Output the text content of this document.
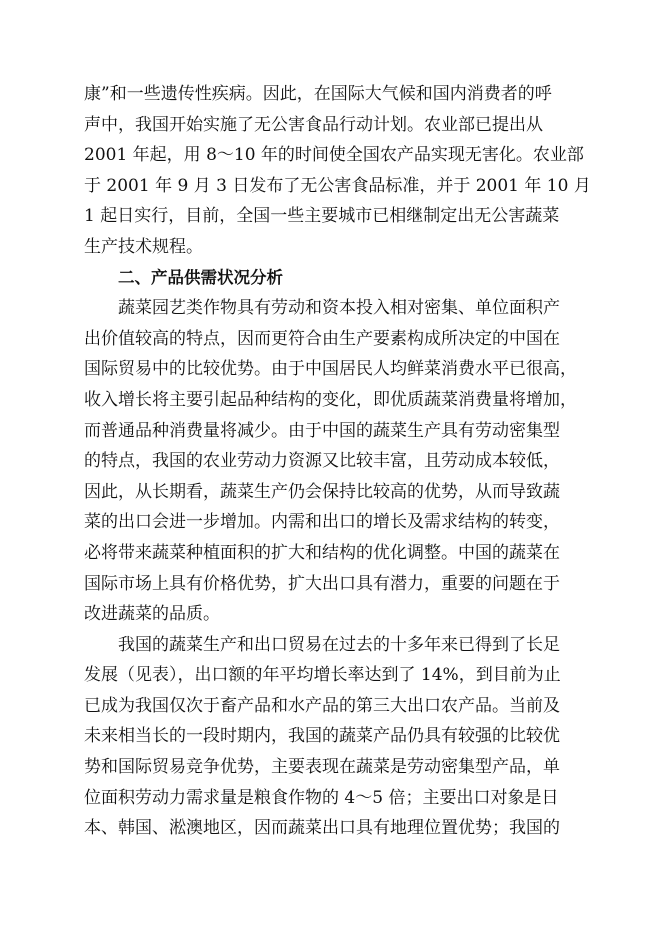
康”和一些遗传性疾病。因此，在国际大气候和国内消费者的呼
声中，我国开始实施了无公害食品行动计划。农业部已提出从
2001 年起，用 8～10 年的时间使全国农产品实现无害化。农业部
于 2001 年 9 月 3 日发布了无公害食品标准，并于 2001 年 10 月
1 起日实行，目前，全国一些主要城市已相继制定出无公害蔬菜
生产技术规程。
二、产品供需状况分析
蔬菜园艺类作物具有劳动和资本投入相对密集、单位面积产
出价值较高的特点，因而更符合由生产要素构成所决定的中国在
国际贸易中的比较优势。由于中国居民人均鲜菜消费水平已很高，
收入增长将主要引起品种结构的变化，即优质蔬菜消费量将增加，
而普通品种消费量将减少。由于中国的蔬菜生产具有劳动密集型
的特点，我国的农业劳动力资源又比较丰富，且劳动成本较低，
因此，从长期看，蔬菜生产仍会保持比较高的优势，从而导致蔬
菜的出口会进一步增加。内需和出口的增长及需求结构的转变，
必将带来蔬菜种植面积的扩大和结构的优化调整。中国的蔬菜在
国际市场上具有价格优势，扩大出口具有潜力，重要的问题在于
改进蔬菜的品质。
我国的蔬菜生产和出口贸易在过去的十多年来已得到了长足
发展（见表），出口额的年平均增长率达到了 14%，到目前为止
已成为我国仅次于畜产品和水产品的第三大出口农产品。当前及
未来相当长的一段时期内，我国的蔬菜产品仍具有较强的比较优
势和国际贸易竞争优势，主要表现在蔬菜是劳动密集型产品，单
位面积劳动力需求量是粮食作物的 4～5 倍；主要出口对象是日
本、韩国、淞澳地区，因而蔬菜出口具有地理位置优势；我国的
